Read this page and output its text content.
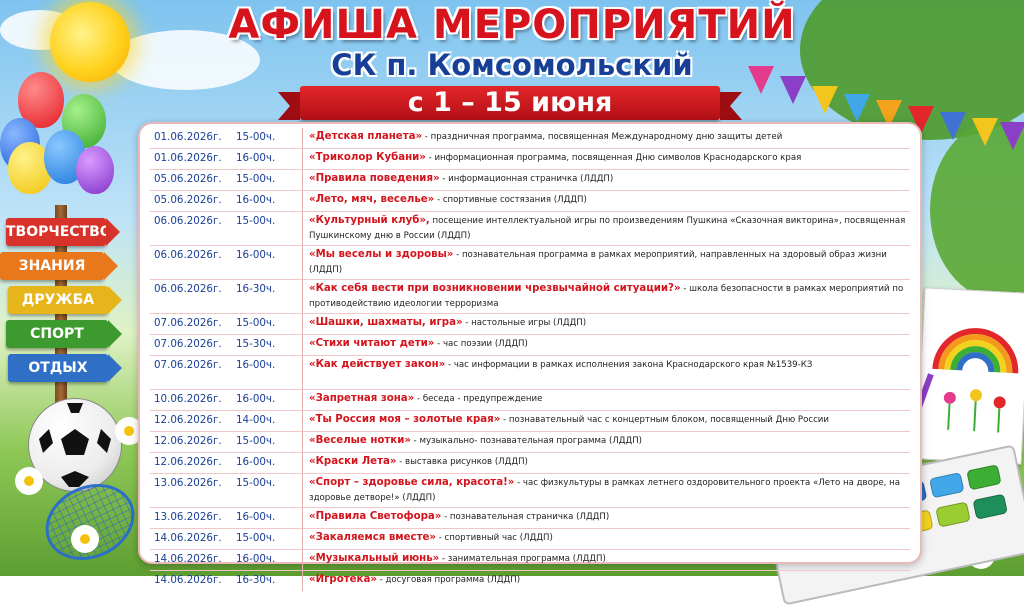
АФИША МЕРОПРИЯТИЙ
СК п. Комсомольский
с 1 – 15 июня
ТВОРЧЕСТВО
ЗНАНИЯ
ДРУЖБА
СПОРТ
ОТДЫХ
01.06.2026г.	15-00ч.	«Детская планета» - праздничная программа, посвященная Международному дню защиты детей
01.06.2026г.	16-00ч.	«Триколор Кубани» - информационная программа, посвященная Дню символов Краснодарского края
05.06.2026г.	15-00ч.	«Правила поведения» - информационная страничка (ЛДДП)
05.06.2026г.	16-00ч.	«Лето, мяч, веселье» - спортивные состязания (ЛДДП)
06.06.2026г.	15-00ч.	«Культурный клуб», посещение интеллектуальной игры по произведениям Пушкина «Сказочная викторина», посвященная Пушкинскому дню в России (ЛДДП)
06.06.2026г.	16-00ч.	«Мы веселы и здоровы» - познавательная программа в рамках мероприятий, направленных на здоровый образ жизни (ЛДДП)
06.06.2026г.	16-30ч.	«Как себя вести при возникновении чрезвычайной ситуации?» - школа безопасности в рамках мероприятий по противодействию идеологии терроризма
07.06.2026г.	15-00ч.	«Шашки, шахматы, игра» - настольные игры (ЛДДП)
07.06.2026г.	15-30ч.	«Стихи читают дети» - час поэзии (ЛДДП)
07.06.2026г.	16-00ч.	«Как действует закон» - час информации в рамках исполнения закона Краснодарского края №1539-КЗ
10.06.2026г.	16-00ч.	«Запретная зона» - беседа - предупреждение
12.06.2026г.	14-00ч.	«Ты Россия моя – золотые края» - познавательный час с концертным блоком, посвященный Дню России
12.06.2026г.	15-00ч.	«Веселые нотки» - музыкально- познавательная программа (ЛДДП)
12.06.2026г.	16-00ч.	«Краски Лета» - выставка рисунков (ЛДДП)
13.06.2026г.	15-00ч.	«Спорт – здоровье сила, красота!» - час физкультуры в рамках летнего оздоровительного проекта «Лето на дворе, на здоровье детворе!» (ЛДДП)
13.06.2026г.	16-00ч.	«Правила Светофора» - познавательная страничка (ЛДДП)
14.06.2026г.	15-00ч.	«Закаляемся вместе» - спортивный час (ЛДДП)
14.06.2026г.	16-00ч.	«Музыкальный июнь» - занимательная программа (ЛДДП)
14.06.2026г.	16-30ч.	«Игротека» - досуговая программа (ЛДДП)
